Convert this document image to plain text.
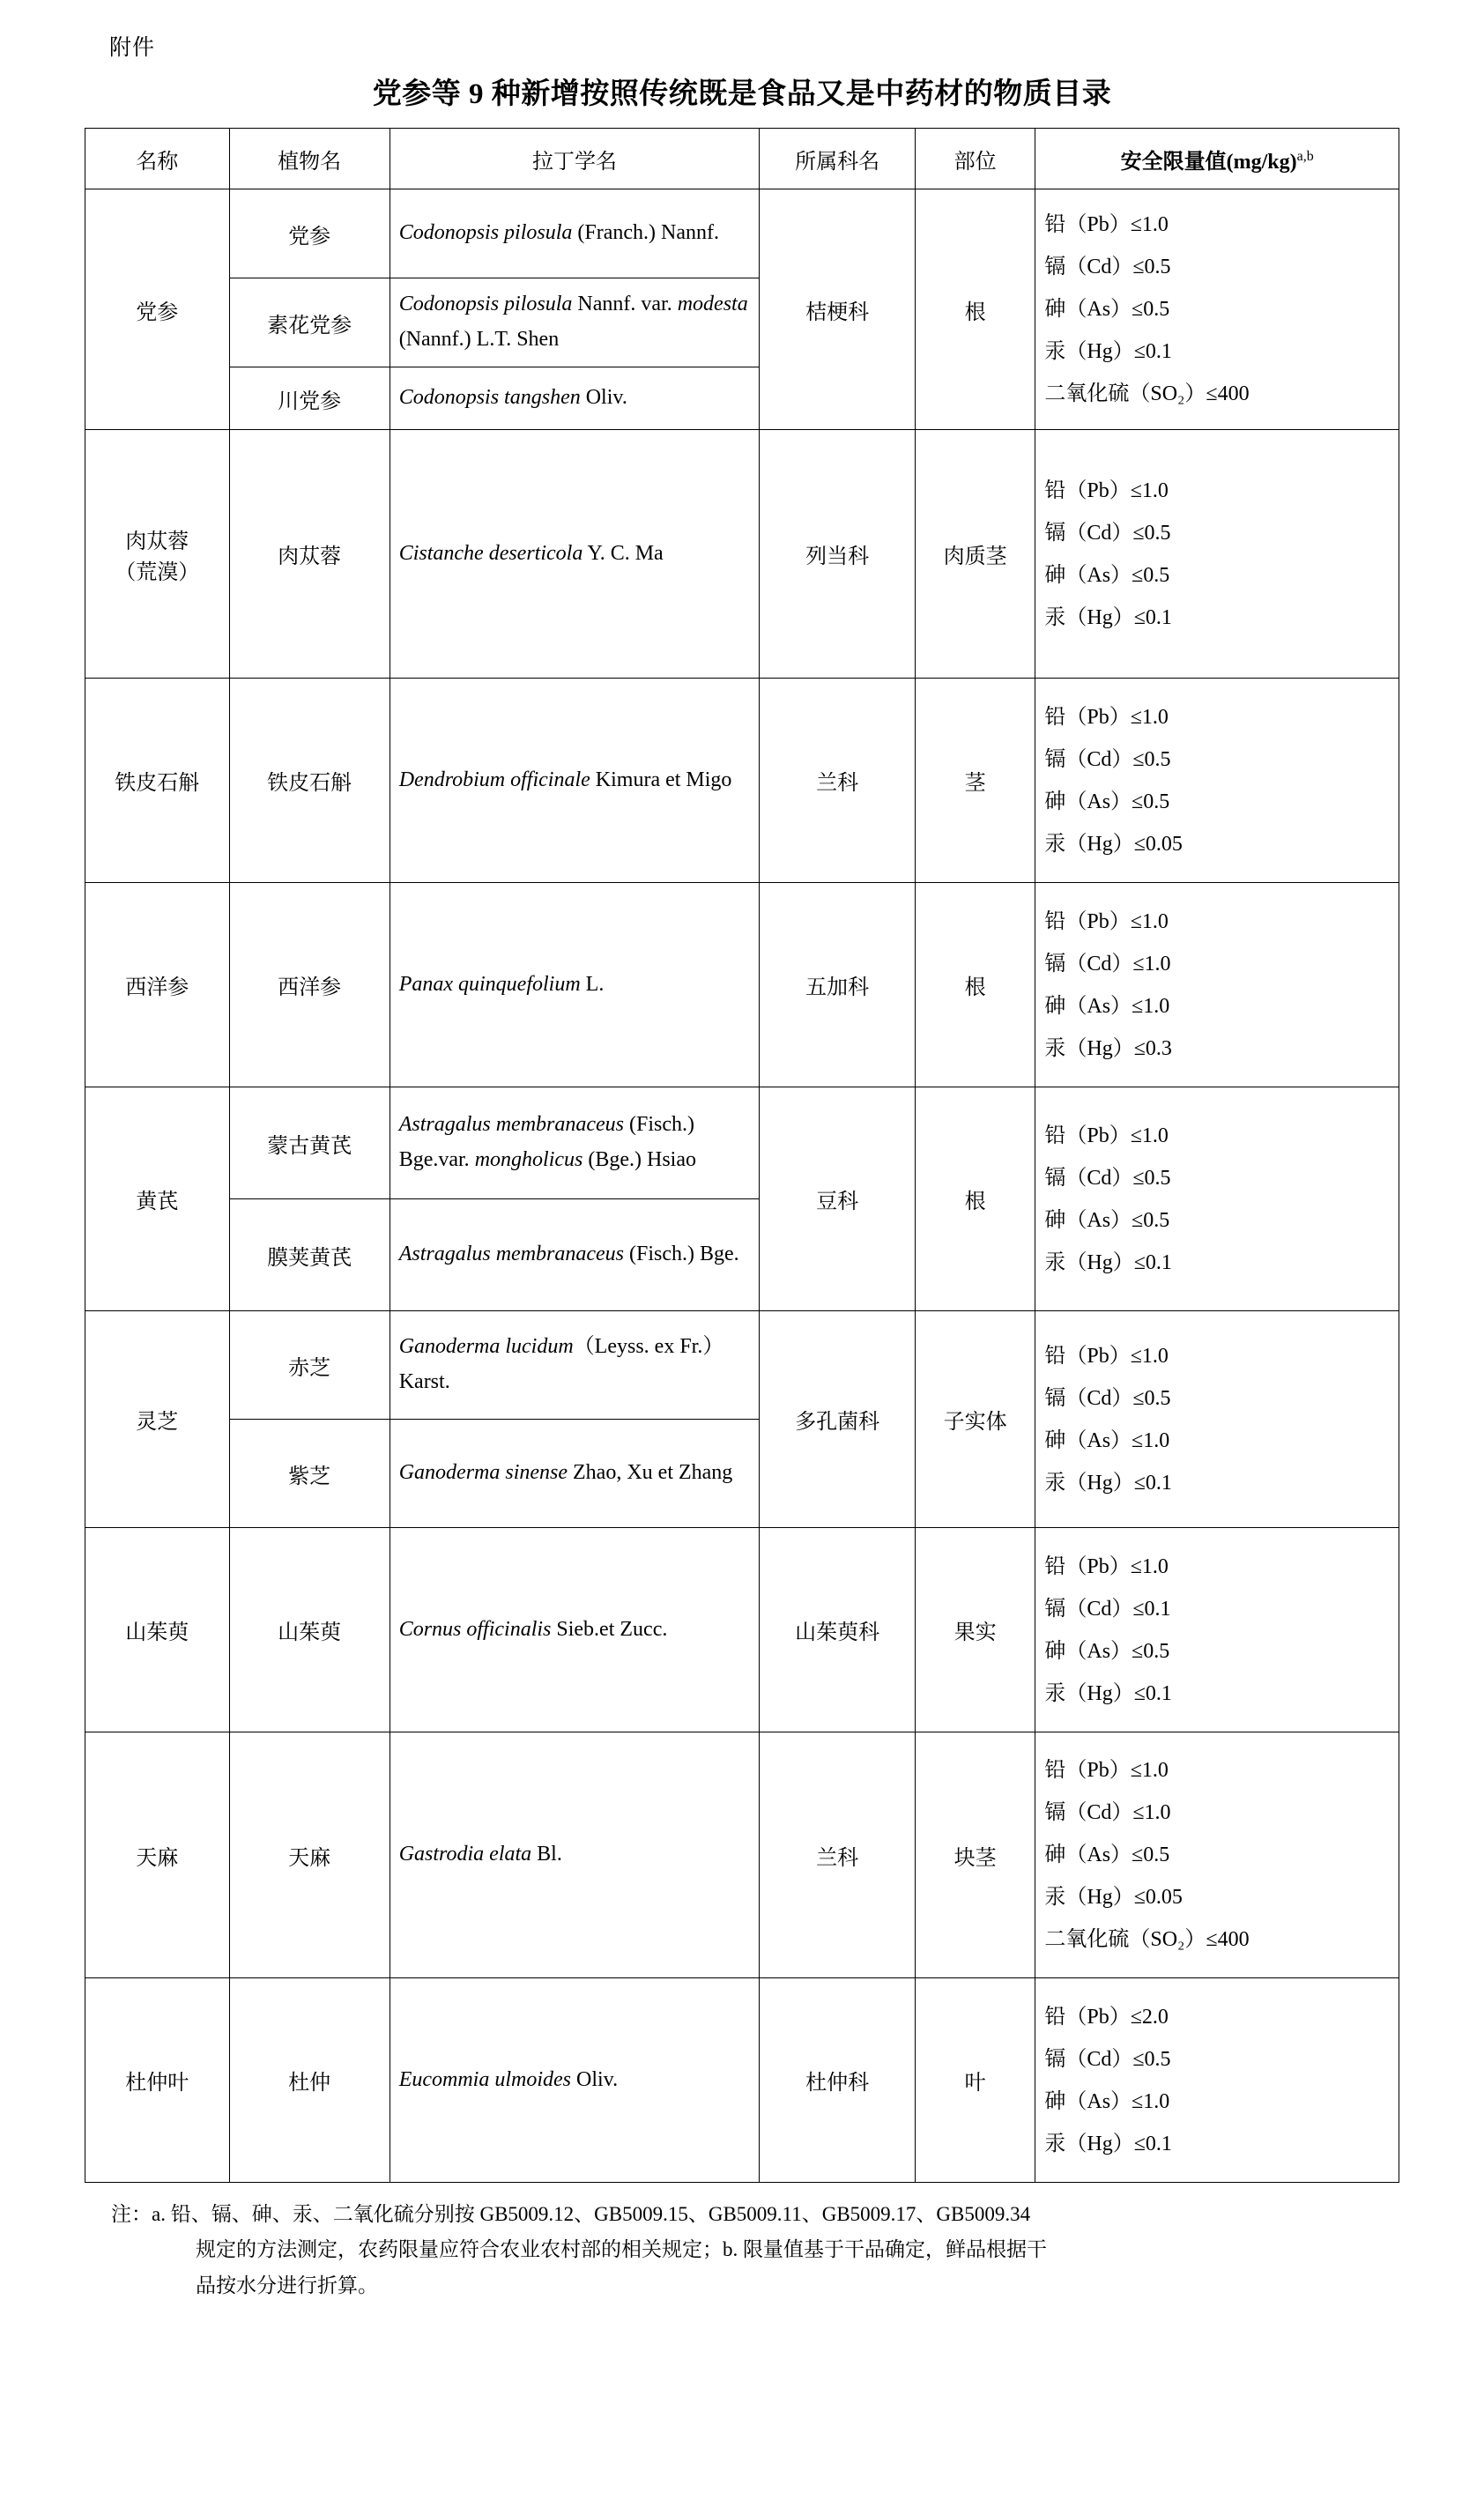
附件
党参等 9 种新增按照传统既是食品又是中药材的物质目录
名称	植物名	拉丁学名	所属科名	部位	安全限量值$(mg/kg)^{a,b}$
党参	党参	Codonopsis pilosula (Franch.) Nannf.	桔梗科	根	铅（Pb）≤1.0
镉（Cd）≤0.5
砷（As）≤0.5
汞（Hg）≤0.1
二氧化硫（SO₂）≤400

	素花党参	Codonopsis pilosula Nannf. var. modesta (Nannf.) L.T. Shen			
	川党参	Codonopsis tangshen Oliv.			

肉苁蓉
（荒漠）
	肉苁蓉	Cistanche deserticola Y. C. Ma	列当科	肉质茎	
铅（Pb）≤1.0
镉（Cd）≤0.5
砷（As）≤0.5
汞（Hg）≤0.1

铁皮石斛	铁皮石斛	Dendrobium officinale Kimura et Migo	兰科	茎	铅（Pb）≤1.0
镉（Cd）≤0.5
砷（As）≤0.5
汞（Hg）≤0.05

西洋参	西洋参	Panax quinquefolium L.	五加科	根	铅（Pb）≤1.0
镉（Cd）≤1.0
砷（As）≤1.0
汞（Hg）≤0.3

黄芪	蒙古黄芪	Astragalus membranaceus (Fisch.) Bge.var. mongholicus (Bge.) Hsiao	豆科	根	铅（Pb）≤1.0
镉（Cd）≤0.5
砷（As）≤0.5
汞（Hg）≤0.1

	膜荚黄芪	Astragalus membranaceus (Fisch.) Bge.			
灵芝	赤芝	Ganoderma lucidum（Leyss. ex Fr.）Karst.	多孔菌科	子实体	铅（Pb）≤1.0
镉（Cd）≤0.5
砷（As）≤1.0
汞（Hg）≤0.1

	紫芝	Ganoderma sinense Zhao, Xu et Zhang			
山茱萸	山茱萸	Cornus officinalis Sieb.et Zucc.	山茱萸科	果实	铅（Pb）≤1.0
镉（Cd）≤0.1
砷（As）≤0.5
汞（Hg）≤0.1

天麻	天麻	Gastrodia elata Bl.	兰科	块茎	铅（Pb）≤1.0
镉（Cd）≤1.0
砷（As）≤0.5
汞（Hg）≤0.05
二氧化硫（SO₂）≤400

杜仲叶	杜仲	Eucommia ulmoides Oliv.	杜仲科	叶	铅（Pb）≤2.0
镉（Cd）≤0.5
砷（As）≤1.0
汞（Hg）≤0.1
注：a. 铅、镉、砷、汞、二氧化硫分别按 GB5009.12、GB5009.15、GB5009.11、GB5009.17、GB5009.34
规定的方法测定，农药限量应符合农业农村部的相关规定；b. 限量值基于干品确定，鲜品根据干
品按水分进行折算。
